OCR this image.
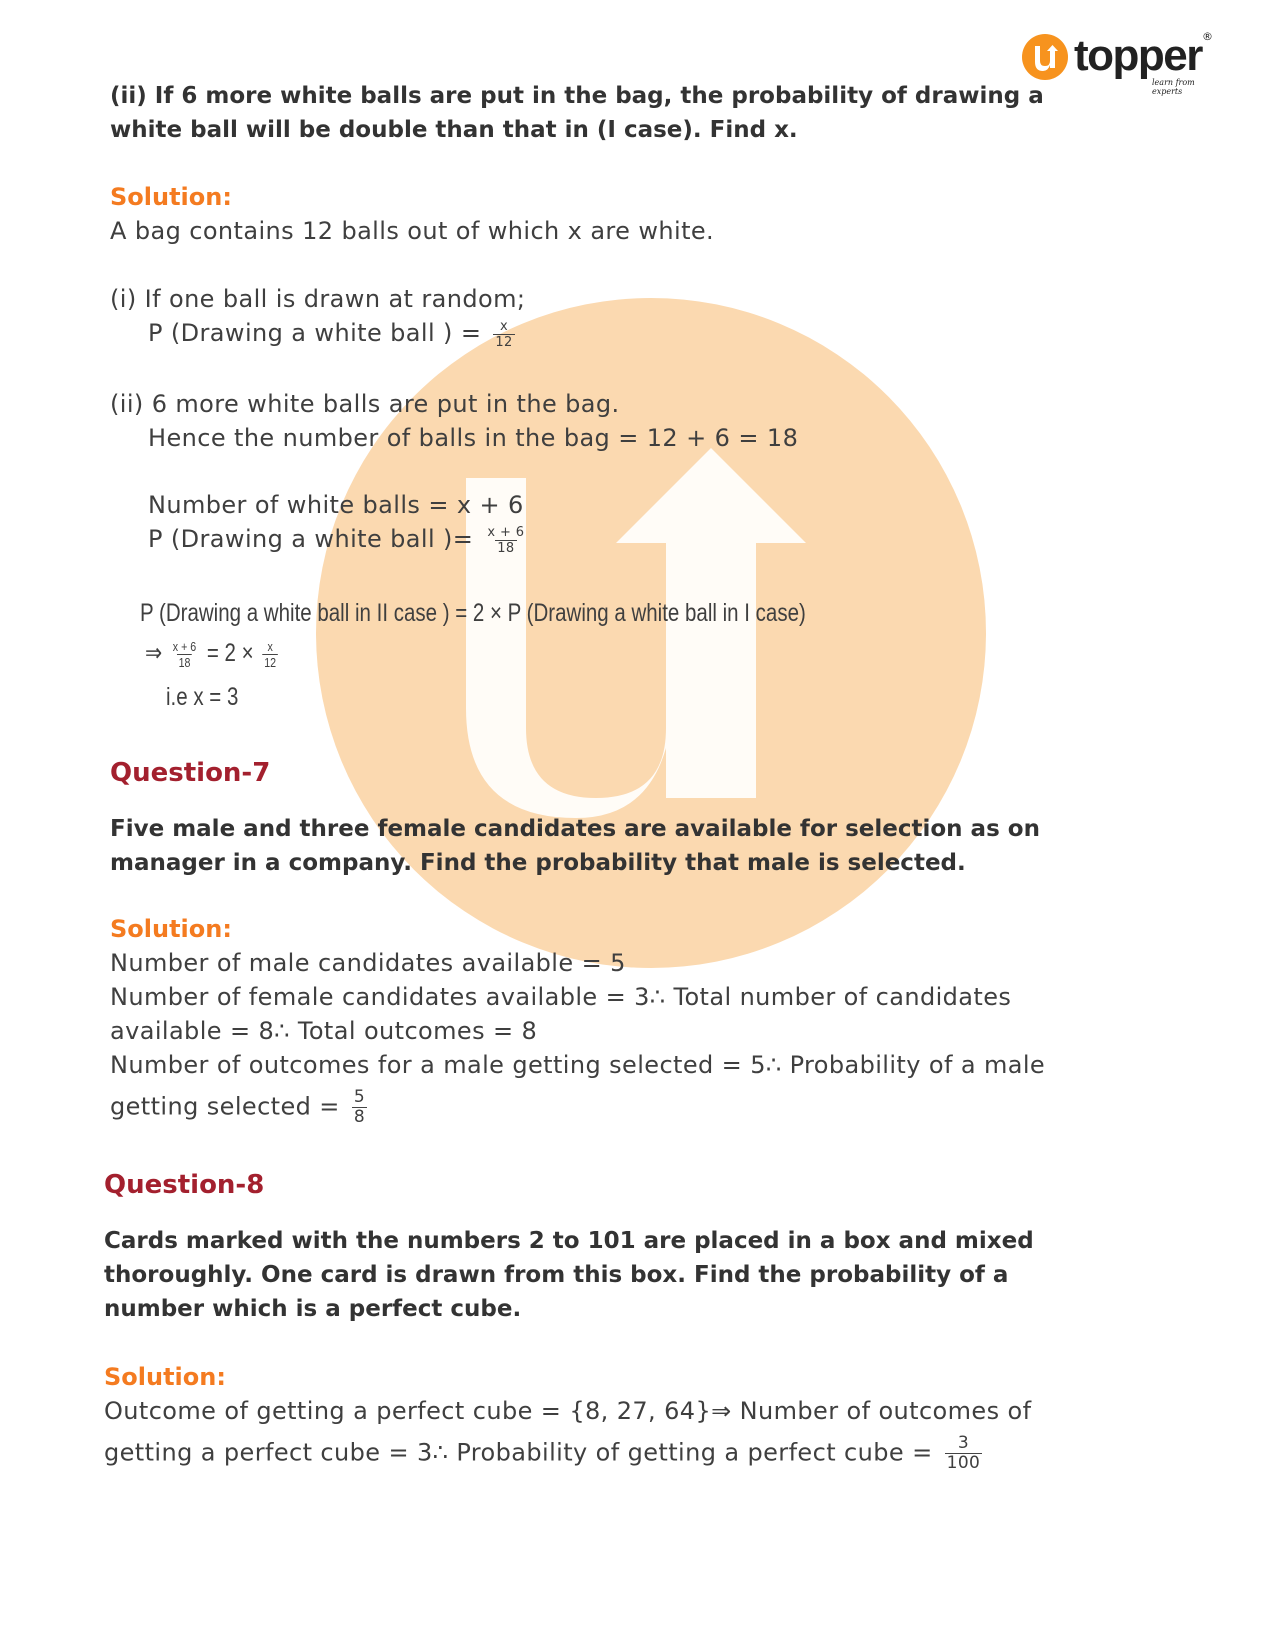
topper ®
learn from experts
(ii) If 6 more white balls are put in the bag, the probability of drawing a
white ball will be double than that in (I case). Find x.
Solution:
A bag contains 12 balls out of which x are white.
(i) If one ball is drawn at random;
P (Drawing a white ball ) = $\frac{x}{12}$
(ii) 6 more white balls are put in the bag.
Hence the number of balls in the bag = 12 + 6 = 18
Number of white balls = x + 6
P (Drawing a white ball )= $\frac{x + 6}{18}$
P (Drawing a white ball in II case ) = 2 × P (Drawing a white ball in I case)
⇒ $\frac{x + 6}{18} = 2 \times \frac{x}{12}$
i.e x = 3
Question-7
Five male and three female candidates are available for selection as on
manager in a company. Find the probability that male is selected.
Solution:
Number of male candidates available = 5
Number of female candidates available = 3∴ Total number of candidates
available = 8∴ Total outcomes = 8
Number of outcomes for a male getting selected = 5∴ Probability of a male
getting selected = $\frac{5}{8}$
Question-8
Cards marked with the numbers 2 to 101 are placed in a box and mixed
thoroughly. One card is drawn from this box. Find the probability of a
number which is a perfect cube.
Solution:
Outcome of getting a perfect cube = {8, 27, 64}⇒ Number of outcomes of
getting a perfect cube = 3∴ Probability of getting a perfect cube = $\frac{3}{100}$
